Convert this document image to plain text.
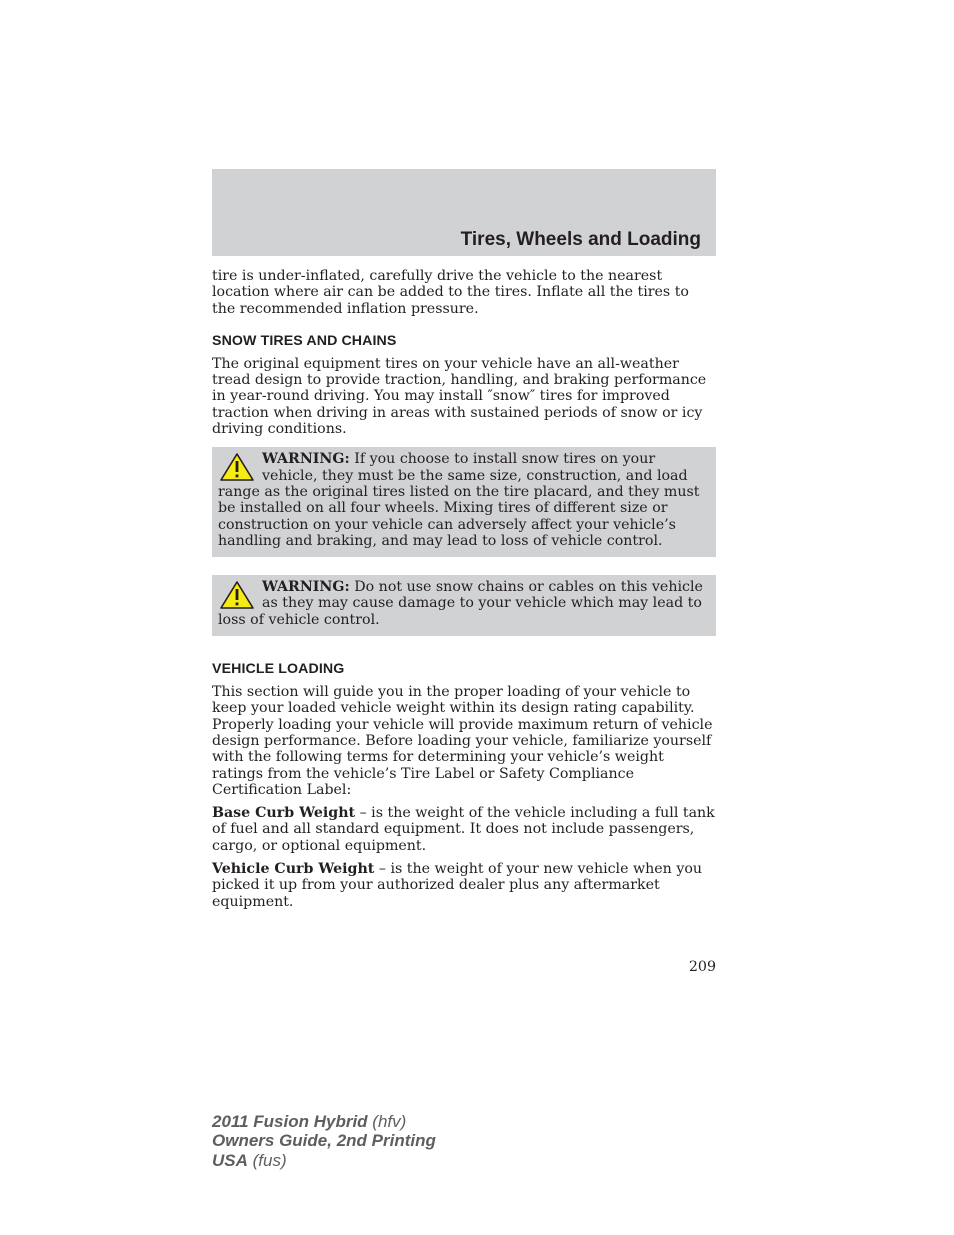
Tires, Wheels and Loading

tire is under-inflated, carefully drive the vehicle to the nearest location where air can be added to the tires. Inflate all the tires to the recommended inflation pressure.

SNOW TIRES AND CHAINS

The original equipment tires on your vehicle have an all-weather tread design to provide traction, handling, and braking performance in year-round driving. You may install ″snow″ tires for improved traction when driving in areas with sustained periods of snow or icy driving conditions.

WARNING: If you choose to install snow tires on your vehicle, they must be the same size, construction, and load range as the original tires listed on the tire placard, and they must be installed on all four wheels. Mixing tires of different size or construction on your vehicle can adversely affect your vehicle’s handling and braking, and may lead to loss of vehicle control.

WARNING: Do not use snow chains or cables on this vehicle as they may cause damage to your vehicle which may lead to loss of vehicle control.

VEHICLE LOADING

This section will guide you in the proper loading of your vehicle to keep your loaded vehicle weight within its design rating capability. Properly loading your vehicle will provide maximum return of vehicle design performance. Before loading your vehicle, familiarize yourself with the following terms for determining your vehicle’s weight ratings from the vehicle’s Tire Label or Safety Compliance Certification Label:

Base Curb Weight – is the weight of the vehicle including a full tank of fuel and all standard equipment. It does not include passengers, cargo, or optional equipment.

Vehicle Curb Weight – is the weight of your new vehicle when you picked it up from your authorized dealer plus any aftermarket equipment.

209
2011 Fusion Hybrid (hfv)
Owners Guide, 2nd Printing
USA (fus)
